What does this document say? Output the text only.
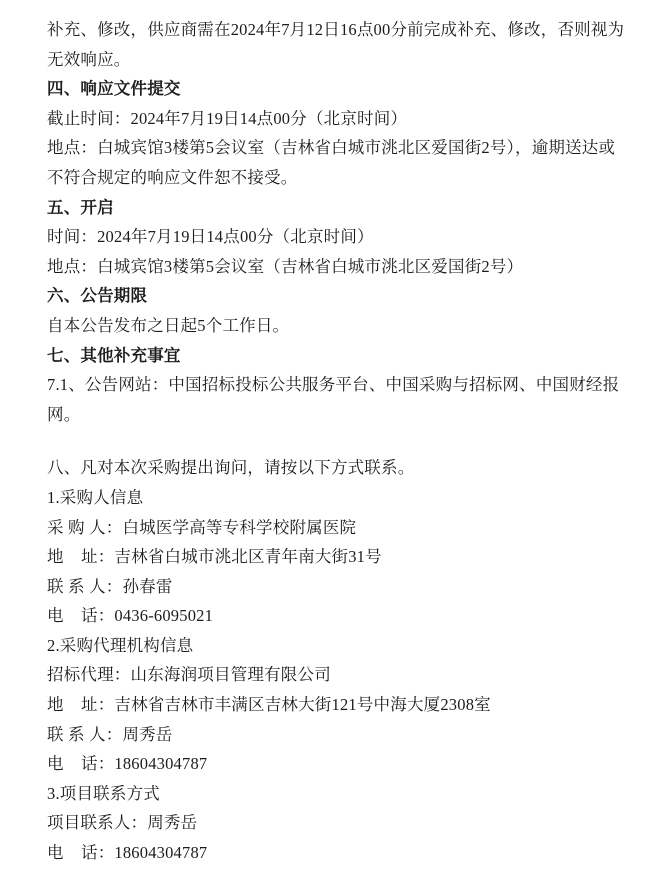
补充、修改，供应商需在2024年7月12日16点00分前完成补充、修改，否则视为
无效响应。
四、响应文件提交
截止时间：2024年7月19日14点00分（北京时间）
地点：白城宾馆3楼第5会议室（吉林省白城市洮北区爱国街2号），逾期送达或
不符合规定的响应文件恕不接受。
五、开启
时间：2024年7月19日14点00分（北京时间）
地点：白城宾馆3楼第5会议室（吉林省白城市洮北区爱国街2号）
六、公告期限
自本公告发布之日起5个工作日。
七、其他补充事宜
7.1、公告网站：中国招标投标公共服务平台、中国采购与招标网、中国财经报
网。
八、凡对本次采购提出询问，请按以下方式联系。
1.采购人信息
采 购 人：白城医学高等专科学校附属医院
地    址：吉林省白城市洮北区青年南大街31号
联 系 人：孙春雷
电    话：0436-6095021
2.采购代理机构信息
招标代理：山东海润项目管理有限公司
地    址：吉林省吉林市丰满区吉林大街121号中海大厦2308室
联 系 人：周秀岳
电    话：18604304787
3.项目联系方式
项目联系人：周秀岳
电    话：18604304787
